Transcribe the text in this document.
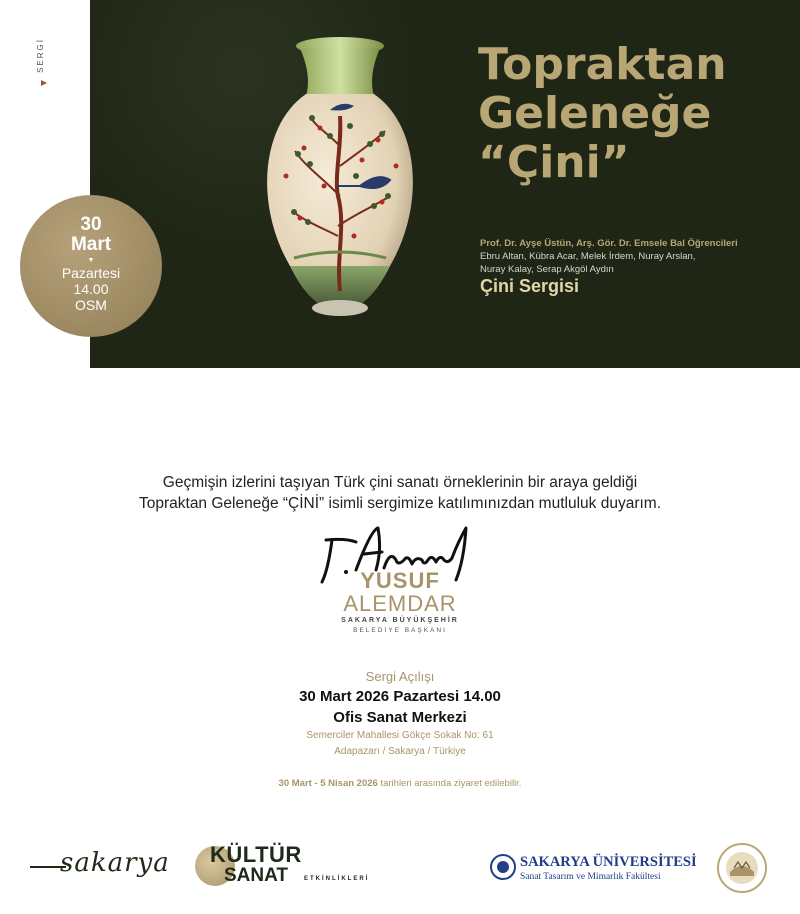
SERGİ	Topraktan
Geleneğe
“Çini”
Prof. Dr. Ayşe Üstün, Arş. Gör. Dr. Emsele Bal Öğrencileri
Ebru Altan, Kübra Acar, Melek İrdem, Nuray Arslan,
Nuray Kalay, Serap Akgöl Aydın
Çini Sergisi
30
Mart
▼
Pazartesi
14.00
OSM
Geçmişin izlerini taşıyan Türk çini sanatı örneklerinin bir araya geldiği
Topraktan Geleneğe “ÇİNİ” isimli sergimize katılımınızdan mutluluk duyarım.
YUSUF
ALEMDAR
SAKARYA BÜYÜKŞEHİR
BELEDİYE BAŞKANI
Sergi Açılışı
30 Mart 2026 Pazartesi 14.00
Ofis Sanat Merkezi
Semerciler Mahallesi Gökçe Sokak No: 61
Adapazarı / Sakarya / Türkiye
30 Mart - 5 Nisan 2026 tarihleri arasında ziyaret edilebilir.
sakarya KÜLTÜR
SANAT	ETKİNLİKLERİ
SAKARYA ÜNİVERSİTESİ
Sanat Tasarım ve Mimarlık Fakültesi
